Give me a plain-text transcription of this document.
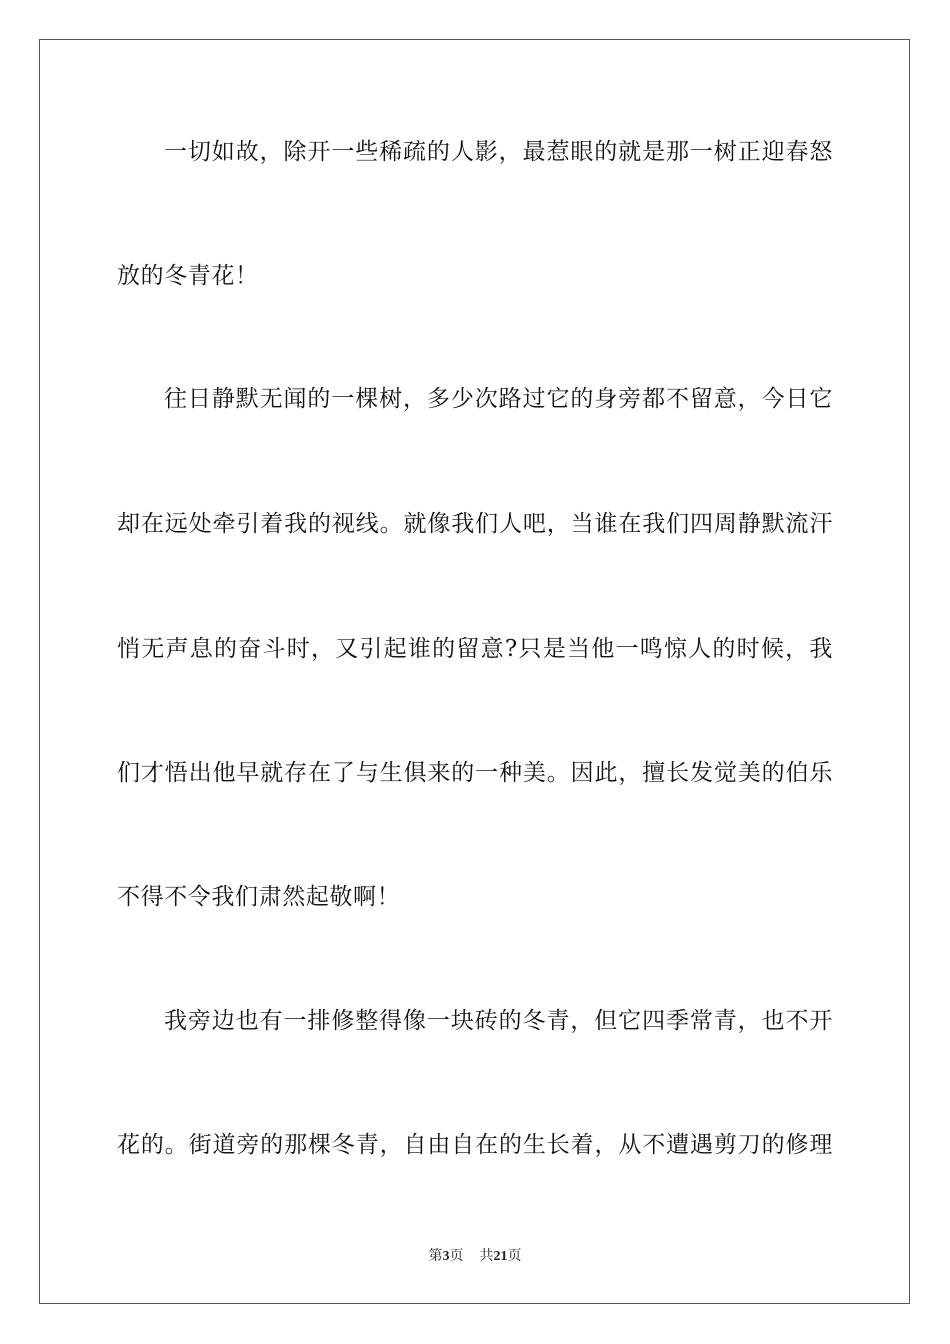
一切如故，除开一些稀疏的人影，最惹眼的就是那一树正迎春怒
放的冬青花！
往日静默无闻的一棵树，多少次路过它的身旁都不留意，今日它
却在远处牵引着我的视线。就像我们人吧，当谁在我们四周静默流汗
悄无声息的奋斗时，又引起谁的留意?只是当他一鸣惊人的时候，我
们才悟出他早就存在了与生俱来的一种美。因此，擅长发觉美的伯乐
不得不令我们肃然起敬啊！
我旁边也有一排修整得像一块砖的冬青，但它四季常青，也不开
花的。街道旁的那棵冬青，自由自在的生长着，从不遭遇剪刀的修理
第3页 共21页
